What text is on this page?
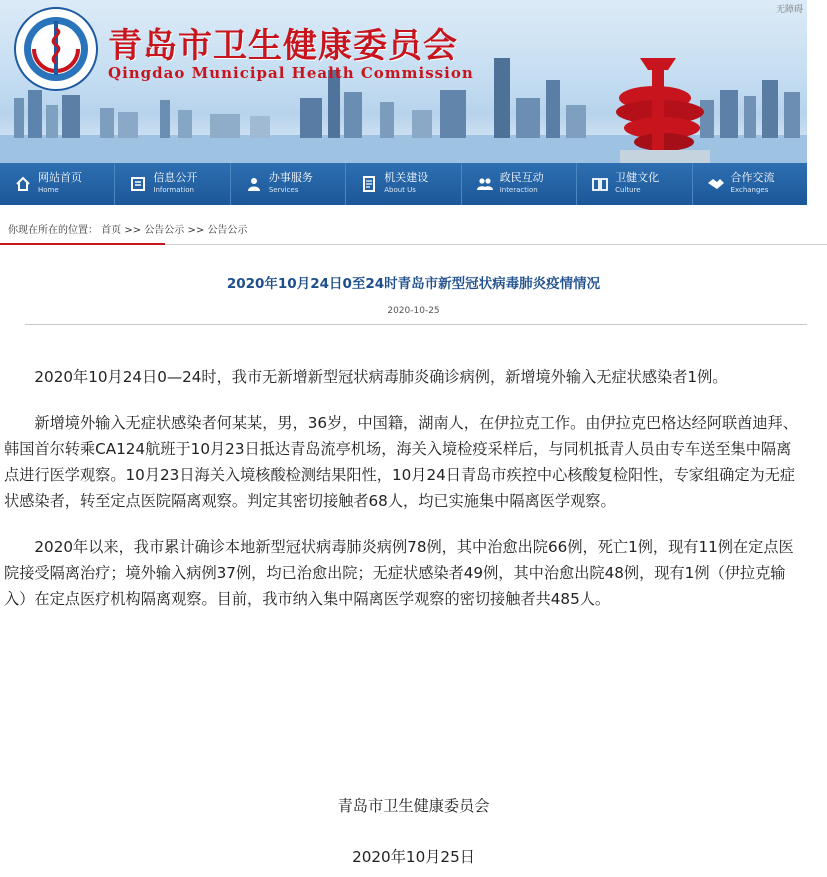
无障碍
青岛市卫生健康委员会
Qingdao Municipal Health Commission
网站首页
Home
信息公开
Information
办事服务
Services
机关建设
About Us
政民互动
Interaction
卫健文化
Culture
合作交流
Exchanges
你现在所在的位置： 首页 >> 公告公示 >> 公告公示
2020年10月24日0至24时青岛市新型冠状病毒肺炎疫情情况
2020-10-25

2020年10月24日0—24时，我市无新增新型冠状病毒肺炎确诊病例，新增境外输入无症状感染者1例。

新增境外输入无症状感染者何某某，男，36岁，中国籍，湖南人，在伊拉克工作。由伊拉克巴格达经阿联酋迪拜、韩国首尔转乘CA124航班于10月23日抵达青岛流亭机场，海关入境检疫采样后，与同机抵青人员由专车送至集中隔离点进行医学观察。10月23日海关入境核酸检测结果阳性，10月24日青岛市疾控中心核酸复检阳性，专家组确定为无症状感染者，转至定点医院隔离观察。判定其密切接触者68人，均已实施集中隔离医学观察。

2020年以来，我市累计确诊本地新型冠状病毒肺炎病例78例，其中治愈出院66例，死亡1例，现有11例在定点医院接受隔离治疗；境外输入病例37例，均已治愈出院；无症状感染者49例，其中治愈出院48例，现有1例（伊拉克输入）在定点医疗机构隔离观察。目前，我市纳入集中隔离医学观察的密切接触者共485人。

青岛市卫生健康委员会
2020年10月25日
